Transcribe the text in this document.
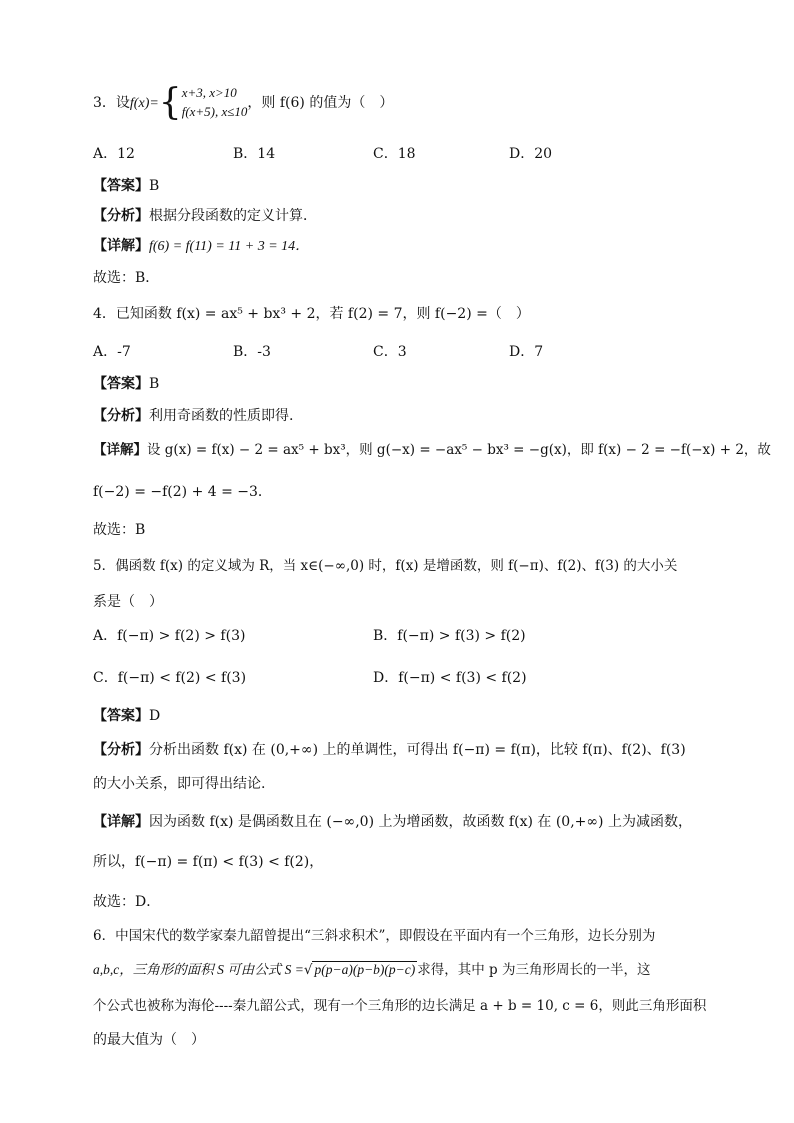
3．设f(x)={x+3, x>10
f(x+5), x≤10，则 f(6) 的值为（　）
A．12	B．14	C．18	D．20
【答案】B
【分析】根据分段函数的定义计算．
【详解】f(6) = f(11) = 11 + 3 = 14．
故选：B．
4．已知函数 f(x) = ax⁵ + bx³ + 2，若 f(2) = 7，则 f(−2) =（　）
A．-7	B．-3	C．3	D．7
【答案】B
【分析】利用奇函数的性质即得.
【详解】设 g(x) = f(x) − 2 = ax⁵ + bx³，则 g(−x) = −ax⁵ − bx³ = −g(x)，即 f(x) − 2 = −f(−x) + 2，故
f(−2) = −f(2) + 4 = −3．
故选：B
5．偶函数 f(x) 的定义域为 R，当 x∈(−∞,0) 时，f(x) 是增函数，则 f(−π)、f(2)、f(3) 的大小关
系是（　）
A．f(−π) > f(2) > f(3)	B．f(−π) > f(3) > f(2)
C．f(−π) < f(2) < f(3)	D．f(−π) < f(3) < f(2)
【答案】D
【分析】分析出函数 f(x) 在 (0,+∞) 上的单调性，可得出 f(−π) = f(π)，比较 f(π)、f(2)、f(3)
的大小关系，即可得出结论.
【详解】因为函数 f(x) 是偶函数且在 (−∞,0) 上为增函数，故函数 f(x) 在 (0,+∞) 上为减函数，
所以，f(−π) = f(π) < f(3) < f(2)，
故选：D．
6．中国宋代的数学家秦九韶曾提出“三斜求积术”，即假设在平面内有一个三角形，边长分别为
a,b,c，三角形的面积 S 可由公式 S =√ p(p−a)(p−b)(p−c) 求得，其中 p 为三角形周长的一半，这
个公式也被称为海伦----秦九韶公式，现有一个三角形的边长满足 a + b = 10, c = 6，则此三角形面积
的最大值为（　）
